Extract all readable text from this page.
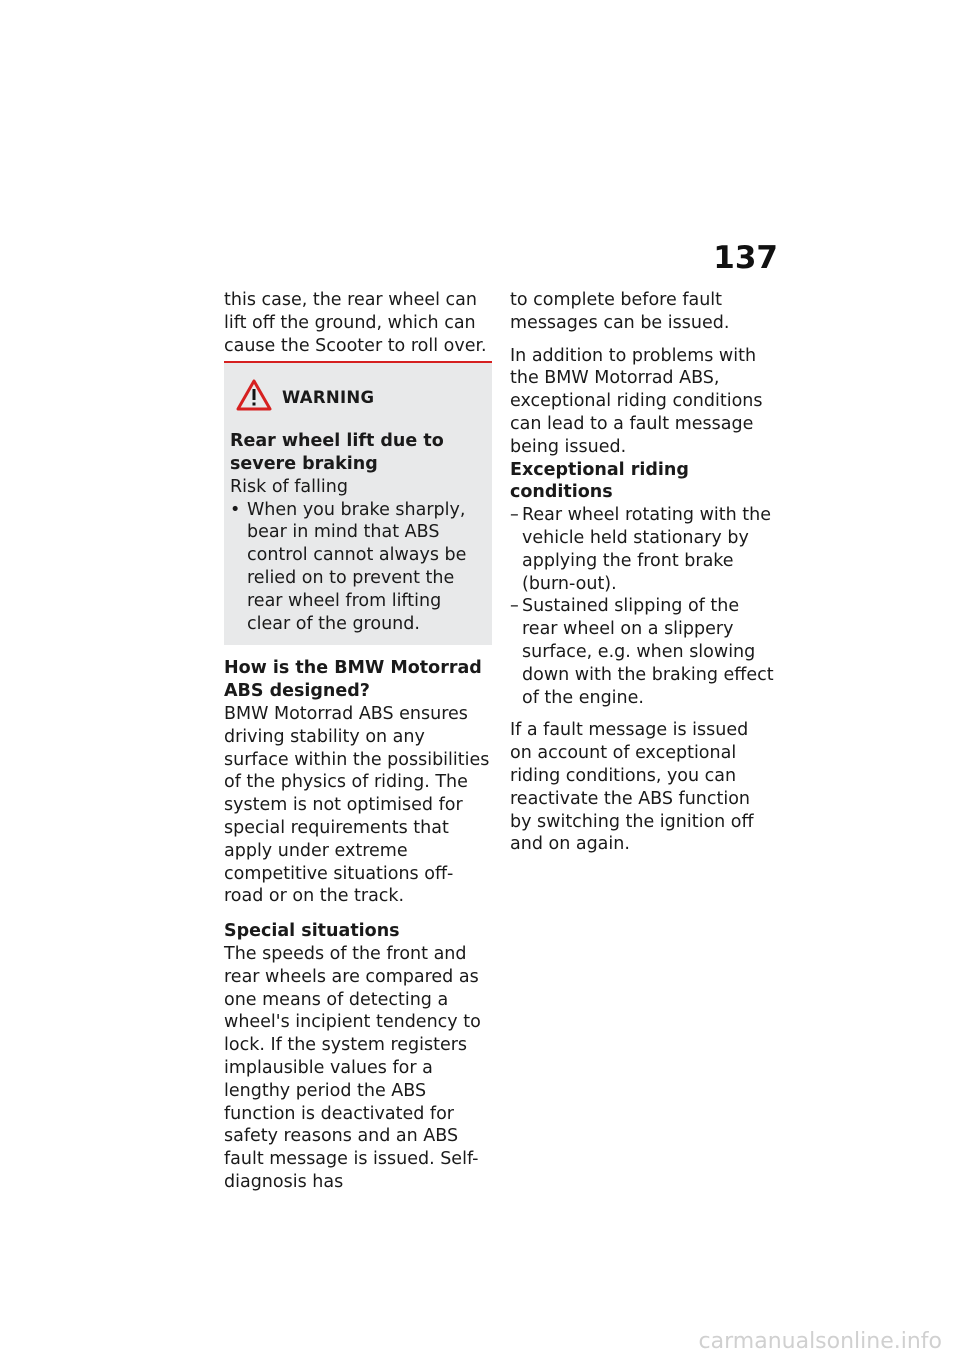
137

this case, the rear wheel can lift off the ground, which can cause the Scooter to roll over.

WARNING

Rear wheel lift due to severe braking

Risk of falling

• When you brake sharply, bear in mind that ABS control cannot always be relied on to prevent the rear wheel from lifting clear of the ground.

How is the BMW Motorrad ABS designed?

BMW Motorrad ABS ensures driving stability on any surface within the possibilities of the physics of riding. The system is not optimised for special requirements that apply under extreme competitive situations off-road or on the track.

Special situations

The speeds of the front and rear wheels are compared as one means of detecting a wheel's incipient tendency to lock. If the system registers implausible values for a lengthy period the ABS function is deactivated for safety reasons and an ABS fault message is issued. Self-diagnosis has

to complete before fault messages can be issued.

In addition to problems with the BMW Motorrad ABS, exceptional riding conditions can lead to a fault message being issued.

Exceptional riding conditions

– Rear wheel rotating with the vehicle held stationary by applying the front brake (burn-out).
– Sustained slipping of the rear wheel on a slippery surface, e.g. when slowing down with the braking effect of the engine.

If a fault message is issued on account of exceptional riding conditions, you can reactivate the ABS function by switching the ignition off and on again.

carmanualsonline.info
